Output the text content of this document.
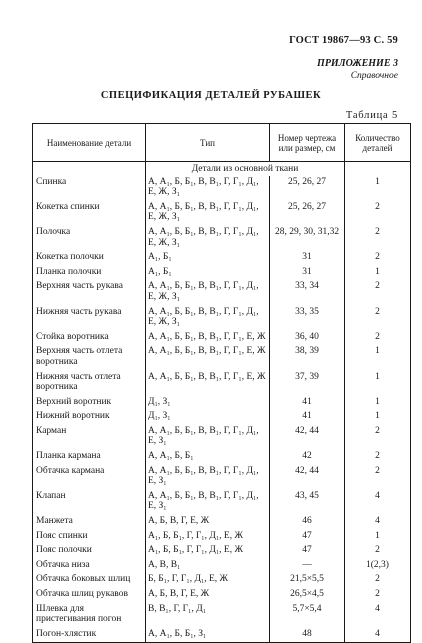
ГОСТ 19867—93 С. 59
ПРИЛОЖЕНИЕ 3
Справочное
СПЕЦИФИКАЦИЯ ДЕТАЛЕЙ РУБАШЕК
Таблица 5
Наименование детали	Тип	Номер чертежа или размер, см	Количество деталей
	Детали из основной ткани		
Спинка	А, А₁, Б, Б₁, В, В₁, Г, Г₁, Д₁, Е, Ж, З₁	25, 26, 27	1
Кокетка спинки	А, А₁, Б, Б₁, В, В₁, Г, Г₁, Д₁, Е, Ж, З₁	25, 26, 27	2
Полочка	А, А₁, Б, Б₁, В, В₁, Г, Г₁, Д₁, Е, Ж, З₁	28, 29, 30, 31,32	2
Кокетка полочки	А₁, Б₁	31	2
Планка полочки	А₁, Б₁	31	1
Верхняя часть рукава	А, А₁, Б, Б₁, В, В₁, Г, Г₁, Д₁, Е, Ж, З₁	33, 34	2
Нижняя часть рукава	А, А₁, Б, Б₁, В, В₁, Г, Г₁, Д₁, Е, Ж, З₁	33, 35	2
Стойка воротника	А, А₁, Б, Б₁, В, В₁, Г, Г₁, Е, Ж	36, 40	2
Верхняя часть отлета воротника	А, А₁, Б, Б₁, В, В₁, Г, Г₁, Е, Ж	38, 39	1
Нижняя часть отлета воротника	А, А₁, Б, Б₁, В, В₁, Г, Г₁, Е, Ж	37, 39	1
Верхний воротник	Д₁, З₁	41	1
Нижний воротник	Д₁, З₁	41	1
Карман	А, А₁, Б, Б₁, В, В₁, Г, Г₁, Д₁, Е, З₁	42, 44	2
Планка кармана	А, А₁, Б, Б₁	42	2
Обтачка кармана	А, А₁, Б, Б₁, В, В₁, Г, Г₁, Д₁, Е, З₁	42, 44	2
Клапан	А, А₁, Б, Б₁, В, В₁, Г, Г₁, Д₁, Е, З₁	43, 45	4
Манжета	А, Б, В, Г, Е, Ж	46	4
Пояс спинки	А₁, Б, Б₁, Г, Г₁, Д₁, Е, Ж	47	1
Пояс полочки	А₁, Б, Б₁, Г, Г₁, Д₁, Е, Ж	47	2
Обтачка низа	А, В, В₁	—	1(2,3)
Обтачка боковых шлиц	Б, Б₁, Г, Г₁, Д₁, Е, Ж	21,5×5,5	2
Обтачка шлиц рукавов	А, Б, В, Г, Е, Ж	26,5×4,5	2
Шлевка для пристегивания погон	В, В₁, Г, Г₁, Д₁	5,7×5,4	4
Погон-хлястик	А, А₁, Б, Б₁, З₁	48	4
